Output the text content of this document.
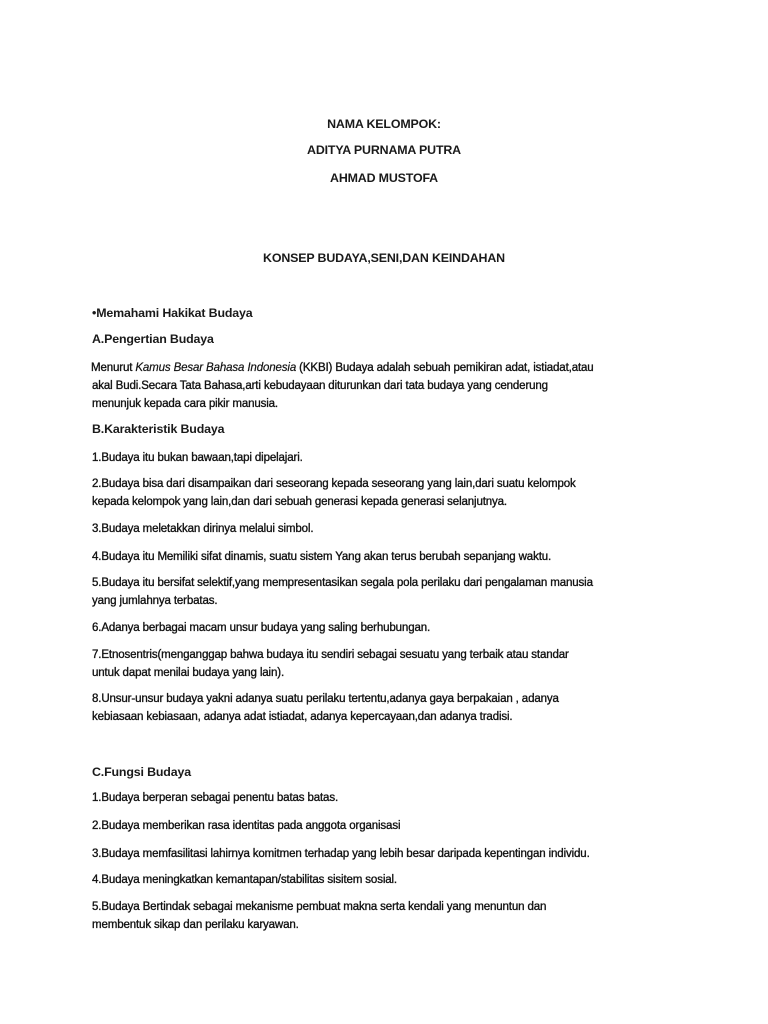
NAMA KELOMPOK:
ADITYA PURNAMA PUTRA
AHMAD MUSTOFA
KONSEP BUDAYA,SENI,DAN KEINDAHAN
•Memahami Hakikat Budaya
A.Pengertian Budaya
Menurut Kamus Besar Bahasa Indonesia (KKBI) Budaya adalah sebuah pemikiran adat, istiadat,atau
akal Budi.Secara Tata Bahasa,arti kebudayaan diturunkan dari tata budaya yang cenderung
menunjuk kepada cara pikir manusia.
B.Karakteristik Budaya
1.Budaya itu bukan bawaan,tapi dipelajari.
2.Budaya bisa dari disampaikan dari seseorang kepada seseorang yang lain,dari suatu kelompok
kepada kelompok yang lain,dan dari sebuah generasi kepada generasi selanjutnya.
3.Budaya meletakkan dirinya melalui simbol.
4.Budaya itu Memiliki sifat dinamis, suatu sistem Yang akan terus berubah sepanjang waktu.
5.Budaya itu bersifat selektif,yang mempresentasikan segala pola perilaku dari pengalaman manusia
yang jumlahnya terbatas.
6.Adanya berbagai macam unsur budaya yang saling berhubungan.
7.Etnosentris(menganggap bahwa budaya itu sendiri sebagai sesuatu yang terbaik atau standar
untuk dapat menilai budaya yang lain).
8.Unsur-unsur budaya yakni adanya suatu perilaku tertentu,adanya gaya berpakaian , adanya
kebiasaan kebiasaan, adanya adat istiadat, adanya kepercayaan,dan adanya tradisi.
C.Fungsi Budaya
1.Budaya berperan sebagai penentu batas batas.
2.Budaya memberikan rasa identitas pada anggota organisasi
3.Budaya memfasilitasi lahirnya komitmen terhadap yang lebih besar daripada kepentingan individu.
4.Budaya meningkatkan kemantapan/stabilitas sisitem sosial.
5.Budaya Bertindak sebagai mekanisme pembuat makna serta kendali yang menuntun dan
membentuk sikap dan perilaku karyawan.
